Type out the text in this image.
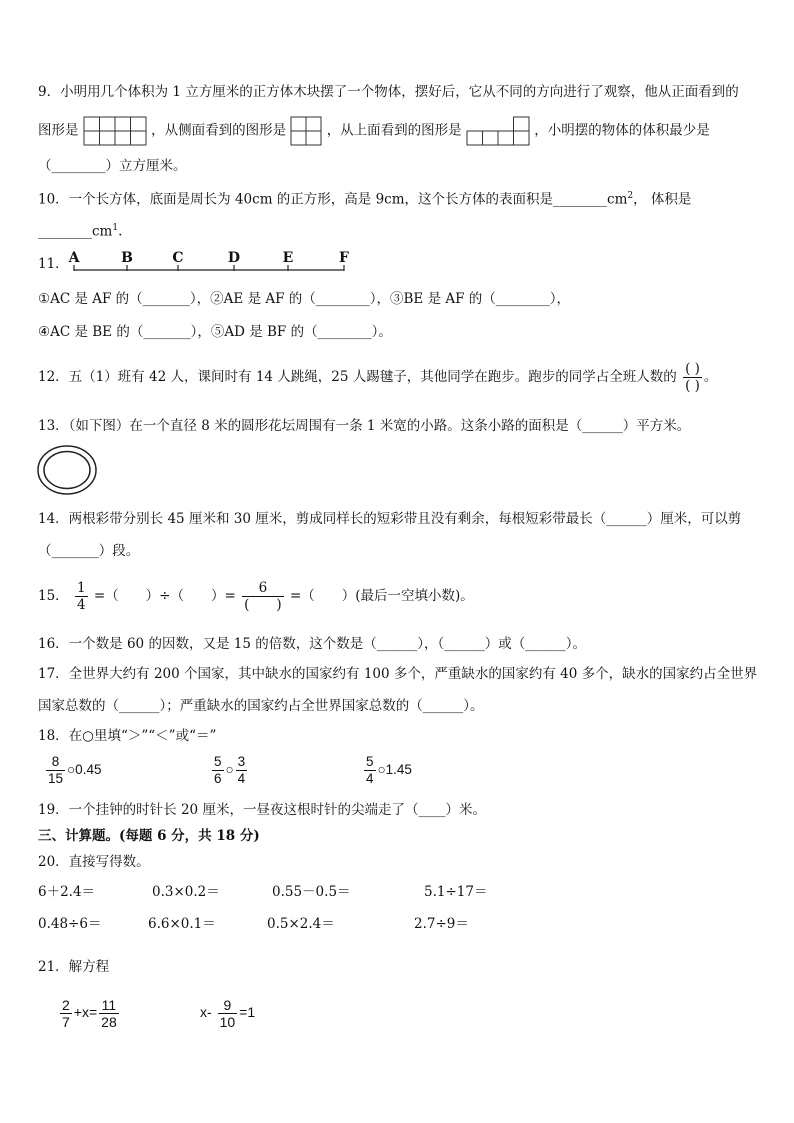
9．小明用几个体积为 1 立方厘米的正方体木块摆了一个物体，摆好后，它从不同的方向进行了观察，他从正面看到的
图形是	，从侧面看到的图形是	，从上面看到的图形是	，小明摆的物体的体积最少是
（________）立方厘米。
10．一个长方体，底面是周长为 40cm 的正方形，高是 9cm，这个长方体的表面积是$\_\_\_\_\_\_\_\_cm^2$， 体积是
$\_\_\_\_\_\_\_\_cm^1$.
11． A	B	C	D	E	F
①AC 是 AF 的（_______），②AE 是 AF 的（________），③BE 是 AF 的（________），
④AC 是 BE 的（_______），⑤AD 是 BF 的（________）。
12．五（1）班有 42 人，课间时有 14 人跳绳，25 人踢毽子，其他同学在跑步。跑步的同学占全班人数的 $\frac{( )}{( )}$ 。
13．（如下图）在一个直径 8 米的圆形花坛周围有一条 1 米宽的小路。这条小路的面积是（______）平方米。
14．两根彩带分别长 45 厘米和 30 厘米，剪成同样长的短彩带且没有剩余，每根短彩带最长（______）厘米，可以剪
（_______）段。
15． $\frac{1}{4}$ =（　　）÷（　　）= $\frac{6}{( )}$ =（　　）(最后一空填小数)。
16．一个数是 60 的因数，又是 15 的倍数，这个数是（______），（______）或（______）。
17．全世界大约有 200 个国家，其中缺水的国家约有 100 多个，严重缺水的国家约有 40 多个，缺水的国家约占全世界
国家总数的（______）；严重缺水的国家约占全世界国家总数的（______）。
18．在○里填“＞”“＜”或“＝”
$\frac{8}{15}$ ○0.45	$\frac{5}{6}$ ○ $\frac{3}{4}$	$\frac{5}{4}$ ○1.45
19．一个挂钟的时针长 20 厘米，一昼夜这根时针的尖端走了（____）米。
三、计算题。(每题 6 分，共 18 分)
20．直接写得数。
6＋2.4＝	0.3×0.2＝	0.55－0.5＝	5.1÷17＝
0.48÷6＝	6.6×0.1＝	0.5×2.4＝	2.7÷9＝
21．解方程
$\frac{2}{7} +x= \frac{11}{28}$	$x- \frac{9}{10} =1$
